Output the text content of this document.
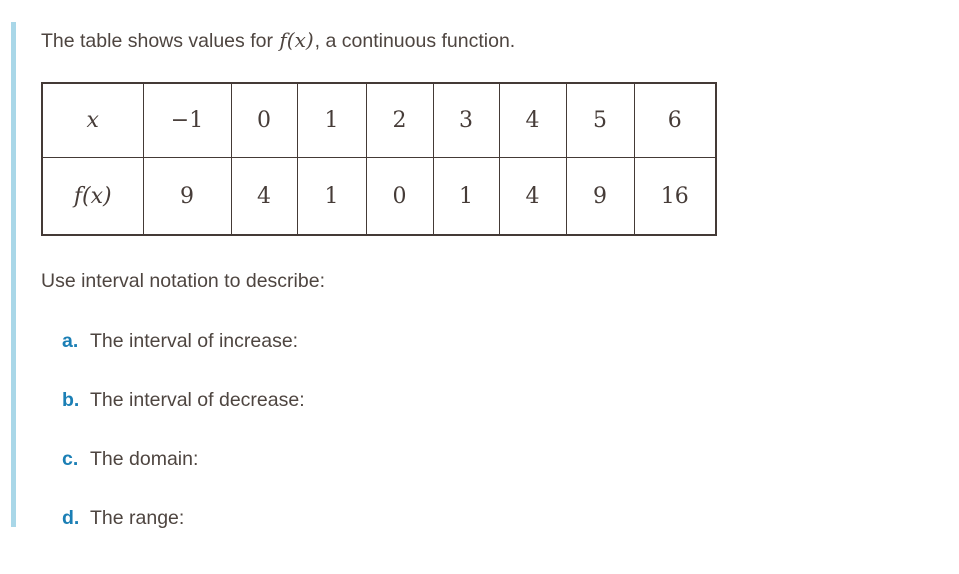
The table shows values for f(x), a continuous function.

x	−1	0	1	2	3	4	5	6
f(x)	9	4	1	0	1	4	9	16

Use interval notation to describe:

a. The interval of increase:
b. The interval of decrease:
c. The domain:
d. The range:
